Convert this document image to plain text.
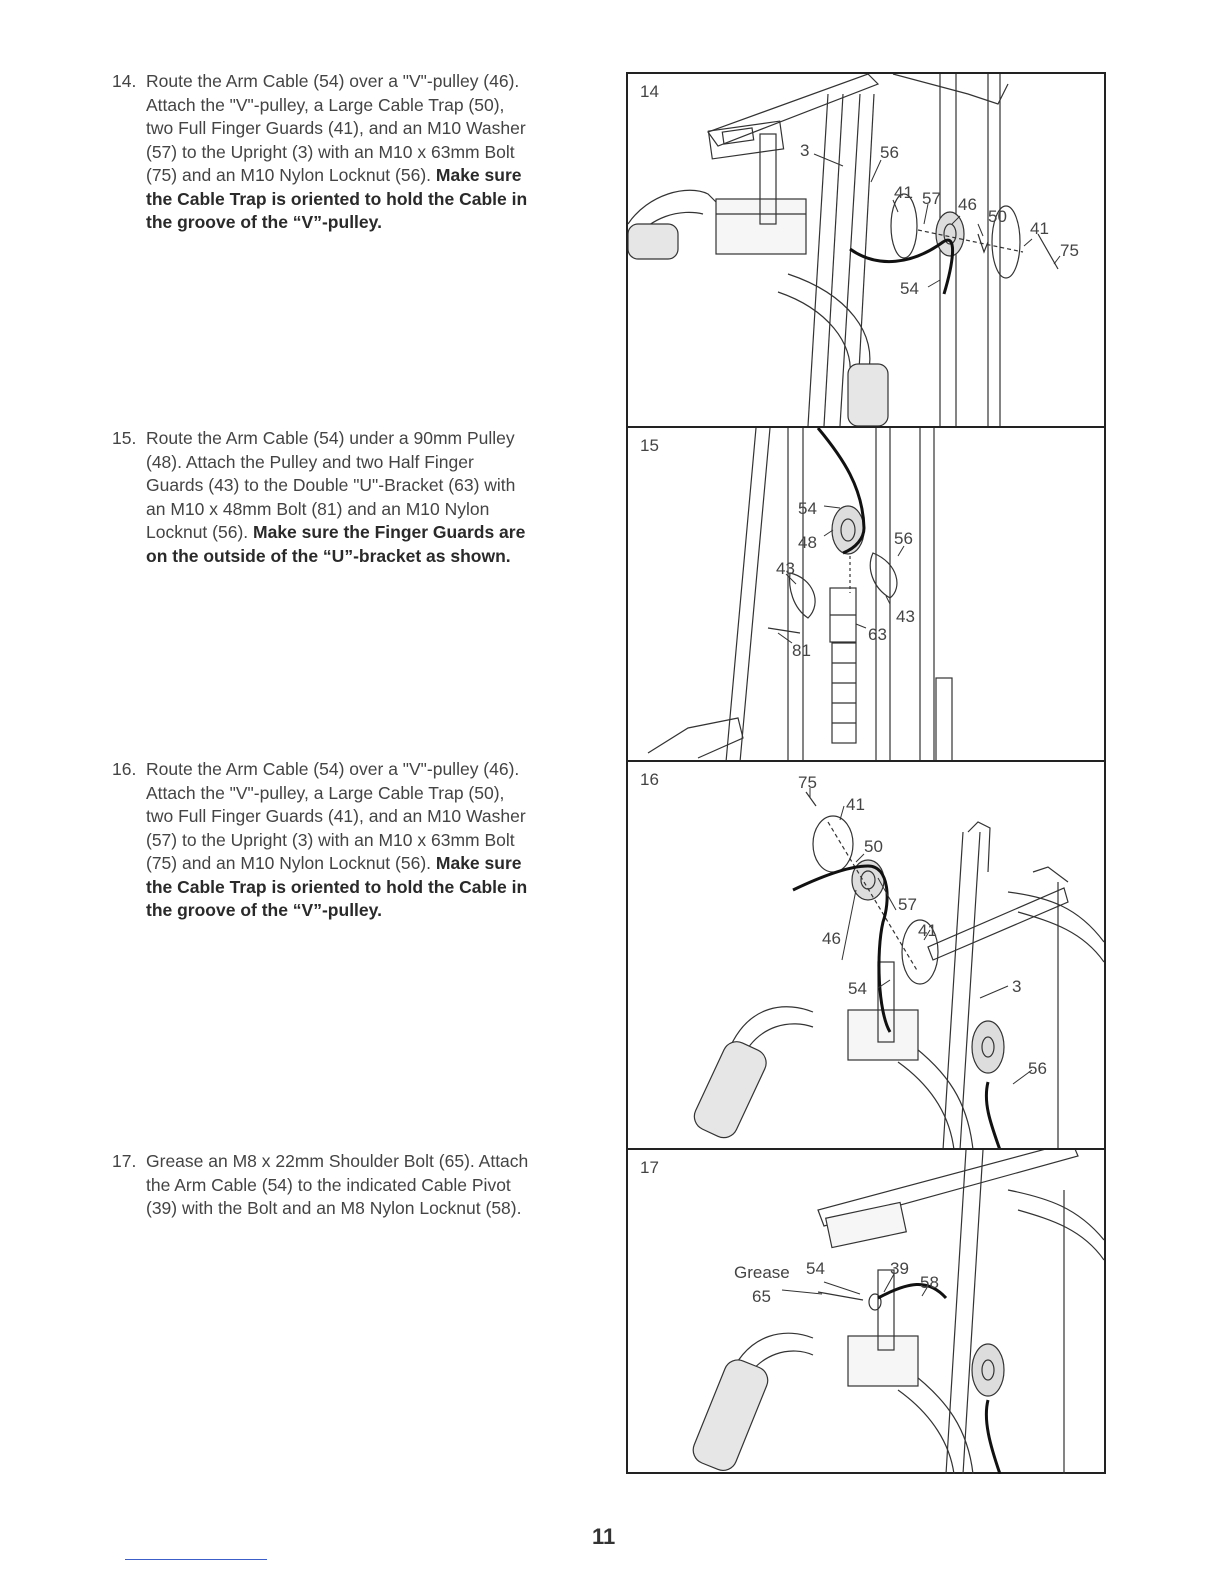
14. Route the Arm Cable (54) over a "V"-pulley (46).
Attach the "V"-pulley, a Large Cable Trap (50),
two Full Finger Guards (41), and an M10 Washer
(57) to the Upright (3) with an M10 x 63mm Bolt
(75) and an M10 Nylon Locknut (56). Make sure
the Cable Trap is oriented to hold the Cable in
the groove of the “V”-pulley.
15. Route the Arm Cable (54) under a 90mm Pulley
(48). Attach the Pulley and two Half Finger
Guards (43) to the Double "U"-Bracket (63) with
an M10 x 48mm Bolt (81) and an M10 Nylon
Locknut (56). Make sure the Finger Guards are
on the outside of the “U”-bracket as shown.
16. Route the Arm Cable (54) over a "V"-pulley (46).
Attach the "V"-pulley, a Large Cable Trap (50),
two Full Finger Guards (41), and an M10 Washer
(57) to the Upright (3) with an M10 x 63mm Bolt
(75) and an M10 Nylon Locknut (56). Make sure
the Cable Trap is oriented to hold the Cable in
the groove of the “V”-pulley.
17. Grease an M8 x 22mm Shoulder Bolt (65). Attach
the Arm Cable (54) to the indicated Cable Pivot
(39) with the Bolt and an M8 Nylon Locknut (58).
14
3	56
41 57 46
50
41
75
54
15
54
48	56
43
43
63
81
16	75
41
50
57
46	41
54	3
56
17
Grease 54	39
58
65
11
